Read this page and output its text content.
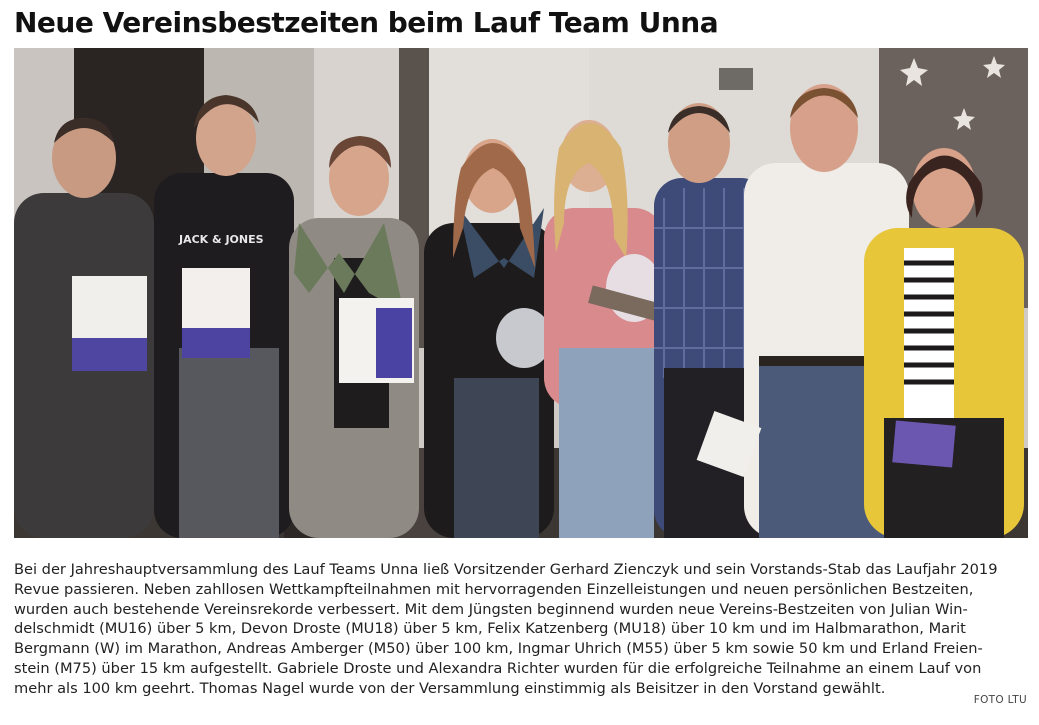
Neue Vereinsbestzeiten beim Lauf Team Unna
JACK & JONES
Bei der Jahreshauptversammlung des Lauf Teams Unna ließ Vorsitzender Gerhard Zienczyk und sein Vorstands-Stab das Laufjahr 2019
Revue passieren. Neben zahllosen Wettkampfteilnahmen mit hervorragenden Einzelleistungen und neuen persönlichen Bestzeiten,
wurden auch bestehende Vereinsrekorde verbessert. Mit dem Jüngsten beginnend wurden neue Vereins-Bestzeiten von Julian Win-
delschmidt (MU16) über 5 km, Devon Droste (MU18) über 5 km, Felix Katzenberg (MU18) über 10 km und im Halbmarathon, Marit
Bergmann (W) im Marathon, Andreas Amberger (M50) über 100 km, Ingmar Uhrich (M55) über 5 km sowie 50 km und Erland Freien-
stein (M75) über 15 km aufgestellt. Gabriele Droste und Alexandra Richter wurden für die erfolgreiche Teilnahme an einem Lauf von
mehr als 100 km geehrt. Thomas Nagel wurde von der Versammlung einstimmig als Beisitzer in den Vorstand gewählt.
FOTO LTU
